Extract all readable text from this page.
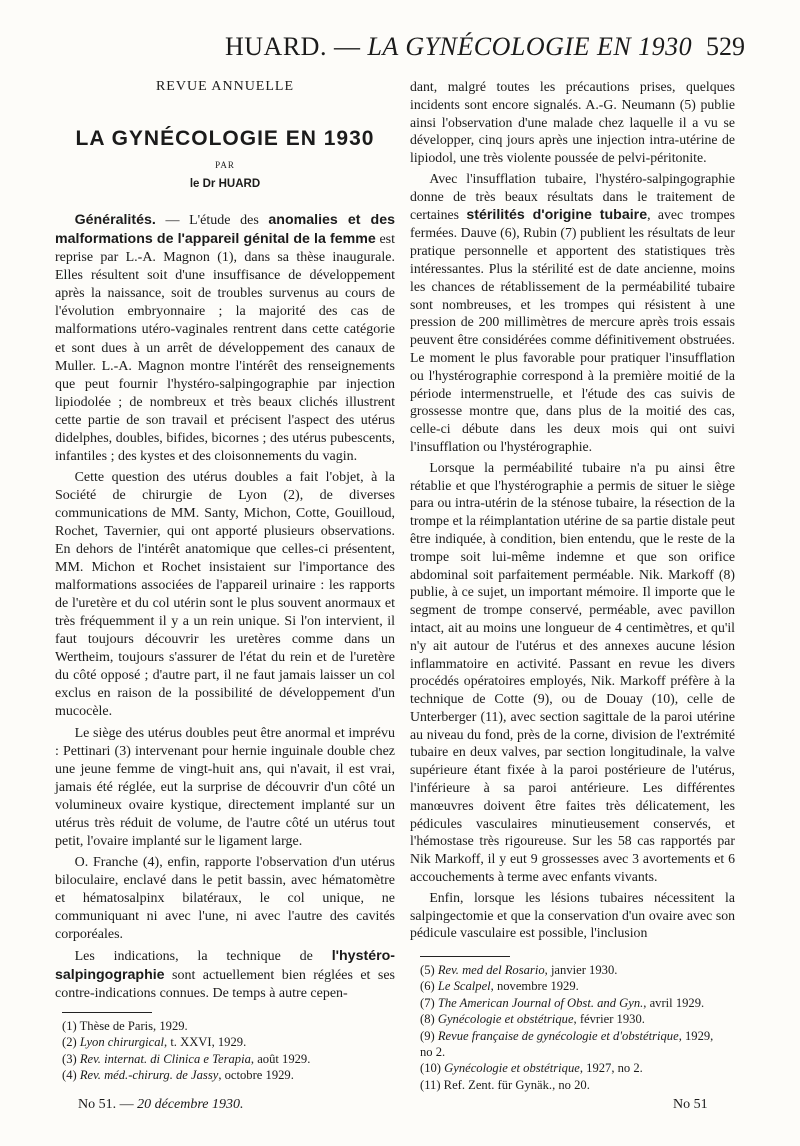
HUARD. — LA GYNÉCOLOGIE EN 1930 529
REVUE ANNUELLE
LA GYNÉCOLOGIE EN 1930
PAR
le Dr HUARD

Généralités. — L'étude des anomalies et des malformations de l'appareil génital de la femme est reprise par L.-A. Magnon (1), dans sa thèse inaugurale. Elles résultent soit d'une insuffisance de développement après la naissance, soit de troubles survenus au cours de l'évolution embryonnaire ; la majorité des cas de malformations utéro-vaginales rentrent dans cette catégorie et sont dues à un arrêt de développement des canaux de Muller. L.-A. Magnon montre l'intérêt des renseignements que peut fournir l'hystéro-salpingographie par injection lipiodolée ; de nombreux et très beaux clichés illustrent cette partie de son travail et précisent l'aspect des utérus didelphes, doubles, bifides, bicornes ; des utérus pubescents, infantiles ; des kystes et des cloisonnements du vagin.

Cette question des utérus doubles a fait l'objet, à la Société de chirurgie de Lyon (2), de diverses communications de MM. Santy, Michon, Cotte, Gouilloud, Rochet, Tavernier, qui ont apporté plusieurs observations. En dehors de l'intérêt anatomique que celles-ci présentent, MM. Michon et Rochet insistaient sur l'importance des malformations associées de l'appareil urinaire : les rapports de l'uretère et du col utérin sont le plus souvent anormaux et très fréquemment il y a un rein unique. Si l'on intervient, il faut toujours découvrir les uretères comme dans un Wertheim, toujours s'assurer de l'état du rein et de l'uretère du côté opposé ; d'autre part, il ne faut jamais laisser un col exclus en raison de la possibilité de développement d'un mucocèle.

Le siège des utérus doubles peut être anormal et imprévu : Pettinari (3) intervenant pour hernie inguinale double chez une jeune femme de vingt-huit ans, qui n'avait, il est vrai, jamais été réglée, eut la surprise de découvrir d'un côté un volumineux ovaire kystique, directement implanté sur un utérus très réduit de volume, de l'autre côté un utérus tout petit, l'ovaire implanté sur le ligament large.

O. Franche (4), enfin, rapporte l'observation d'un utérus biloculaire, enclavé dans le petit bassin, avec hématomètre et hématosalpinx bilatéraux, le col unique, ne communiquant ni avec l'une, ni avec l'autre des cavités corporéales.

Les indications, la technique de l'hystéro-salpingographie sont actuellement bien réglées et ses contre-indications connues. De temps à autre cepen-

dant, malgré toutes les précautions prises, quelques incidents sont encore signalés. A.-G. Neumann (5) publie ainsi l'observation d'une malade chez laquelle il a vu se développer, cinq jours après une injection intra-utérine de lipiodol, une très violente poussée de pelvi-péritonite.

Avec l'insufflation tubaire, l'hystéro-salpingographie donne de très beaux résultats dans le traitement de certaines stérilités d'origine tubaire, avec trompes fermées. Dauve (6), Rubin (7) publient les résultats de leur pratique personnelle et apportent des statistiques très intéressantes. Plus la stérilité est de date ancienne, moins les chances de rétablissement de la perméabilité tubaire sont nombreuses, et les trompes qui résistent à une pression de 200 millimètres de mercure après trois essais peuvent être considérées comme définitivement obstruées. Le moment le plus favorable pour pratiquer l'insufflation ou l'hystérographie correspond à la première moitié de la période intermenstruelle, et l'étude des cas suivis de grossesse montre que, dans plus de la moitié des cas, celle-ci débute dans les deux mois qui ont suivi l'insufflation ou l'hystérographie.

Lorsque la perméabilité tubaire n'a pu ainsi être rétablie et que l'hystérographie a permis de situer le siège para ou intra-utérin de la sténose tubaire, la résection de la trompe et la réimplantation utérine de sa partie distale peut être indiquée, à condition, bien entendu, que le reste de la trompe soit lui-même indemne et que son orifice abdominal soit parfaitement perméable. Nik. Markoff (8) publie, à ce sujet, un important mémoire. Il importe que le segment de trompe conservé, perméable, avec pavillon intact, ait au moins une longueur de 4 centimètres, et qu'il n'y ait autour de l'utérus et des annexes aucune lésion inflammatoire en activité. Passant en revue les divers procédés opératoires employés, Nik. Markoff préfère à la technique de Cotte (9), ou de Douay (10), celle de Unterberger (11), avec section sagittale de la paroi utérine au niveau du fond, près de la corne, division de l'extrémité tubaire en deux valves, par section longitudinale, la valve supérieure étant fixée à la paroi postérieure de l'utérus, l'inférieure à sa paroi antérieure. Les différentes manœuvres doivent être faites très délicatement, les pédicules vasculaires minutieusement conservés, et l'hémostase très rigoureuse. Sur les 58 cas rapportés par Nik Markoff, il y eut 9 grossesses avec 3 avortements et 6 accouchements à terme avec enfants vivants.

Enfin, lorsque les lésions tubaires nécessitent la salpingectomie et que la conservation d'un ovaire avec son pédicule vasculaire est possible, l'inclusion

(1) Thèse de Paris, 1929.
(2) Lyon chirurgical, t. XXVI, 1929.
(3) Rev. internat. di Clinica e Terapia, août 1929.
(4) Rev. méd.-chirurg. de Jassy, octobre 1929.
(5) Rev. med del Rosario, janvier 1930.
(6) Le Scalpel, novembre 1929.
(7) The American Journal of Obst. and Gyn., avril 1929.
(8) Gynécologie et obstétrique, février 1930.
(9) Revue française de gynécologie et d'obstétrique, 1929,
no 2.
(10) Gynécologie et obstétrique, 1927, no 2.
(11) Ref. Zent. für Gynäk., no 20.
No 51. — 20 décembre 1930.	No 51
